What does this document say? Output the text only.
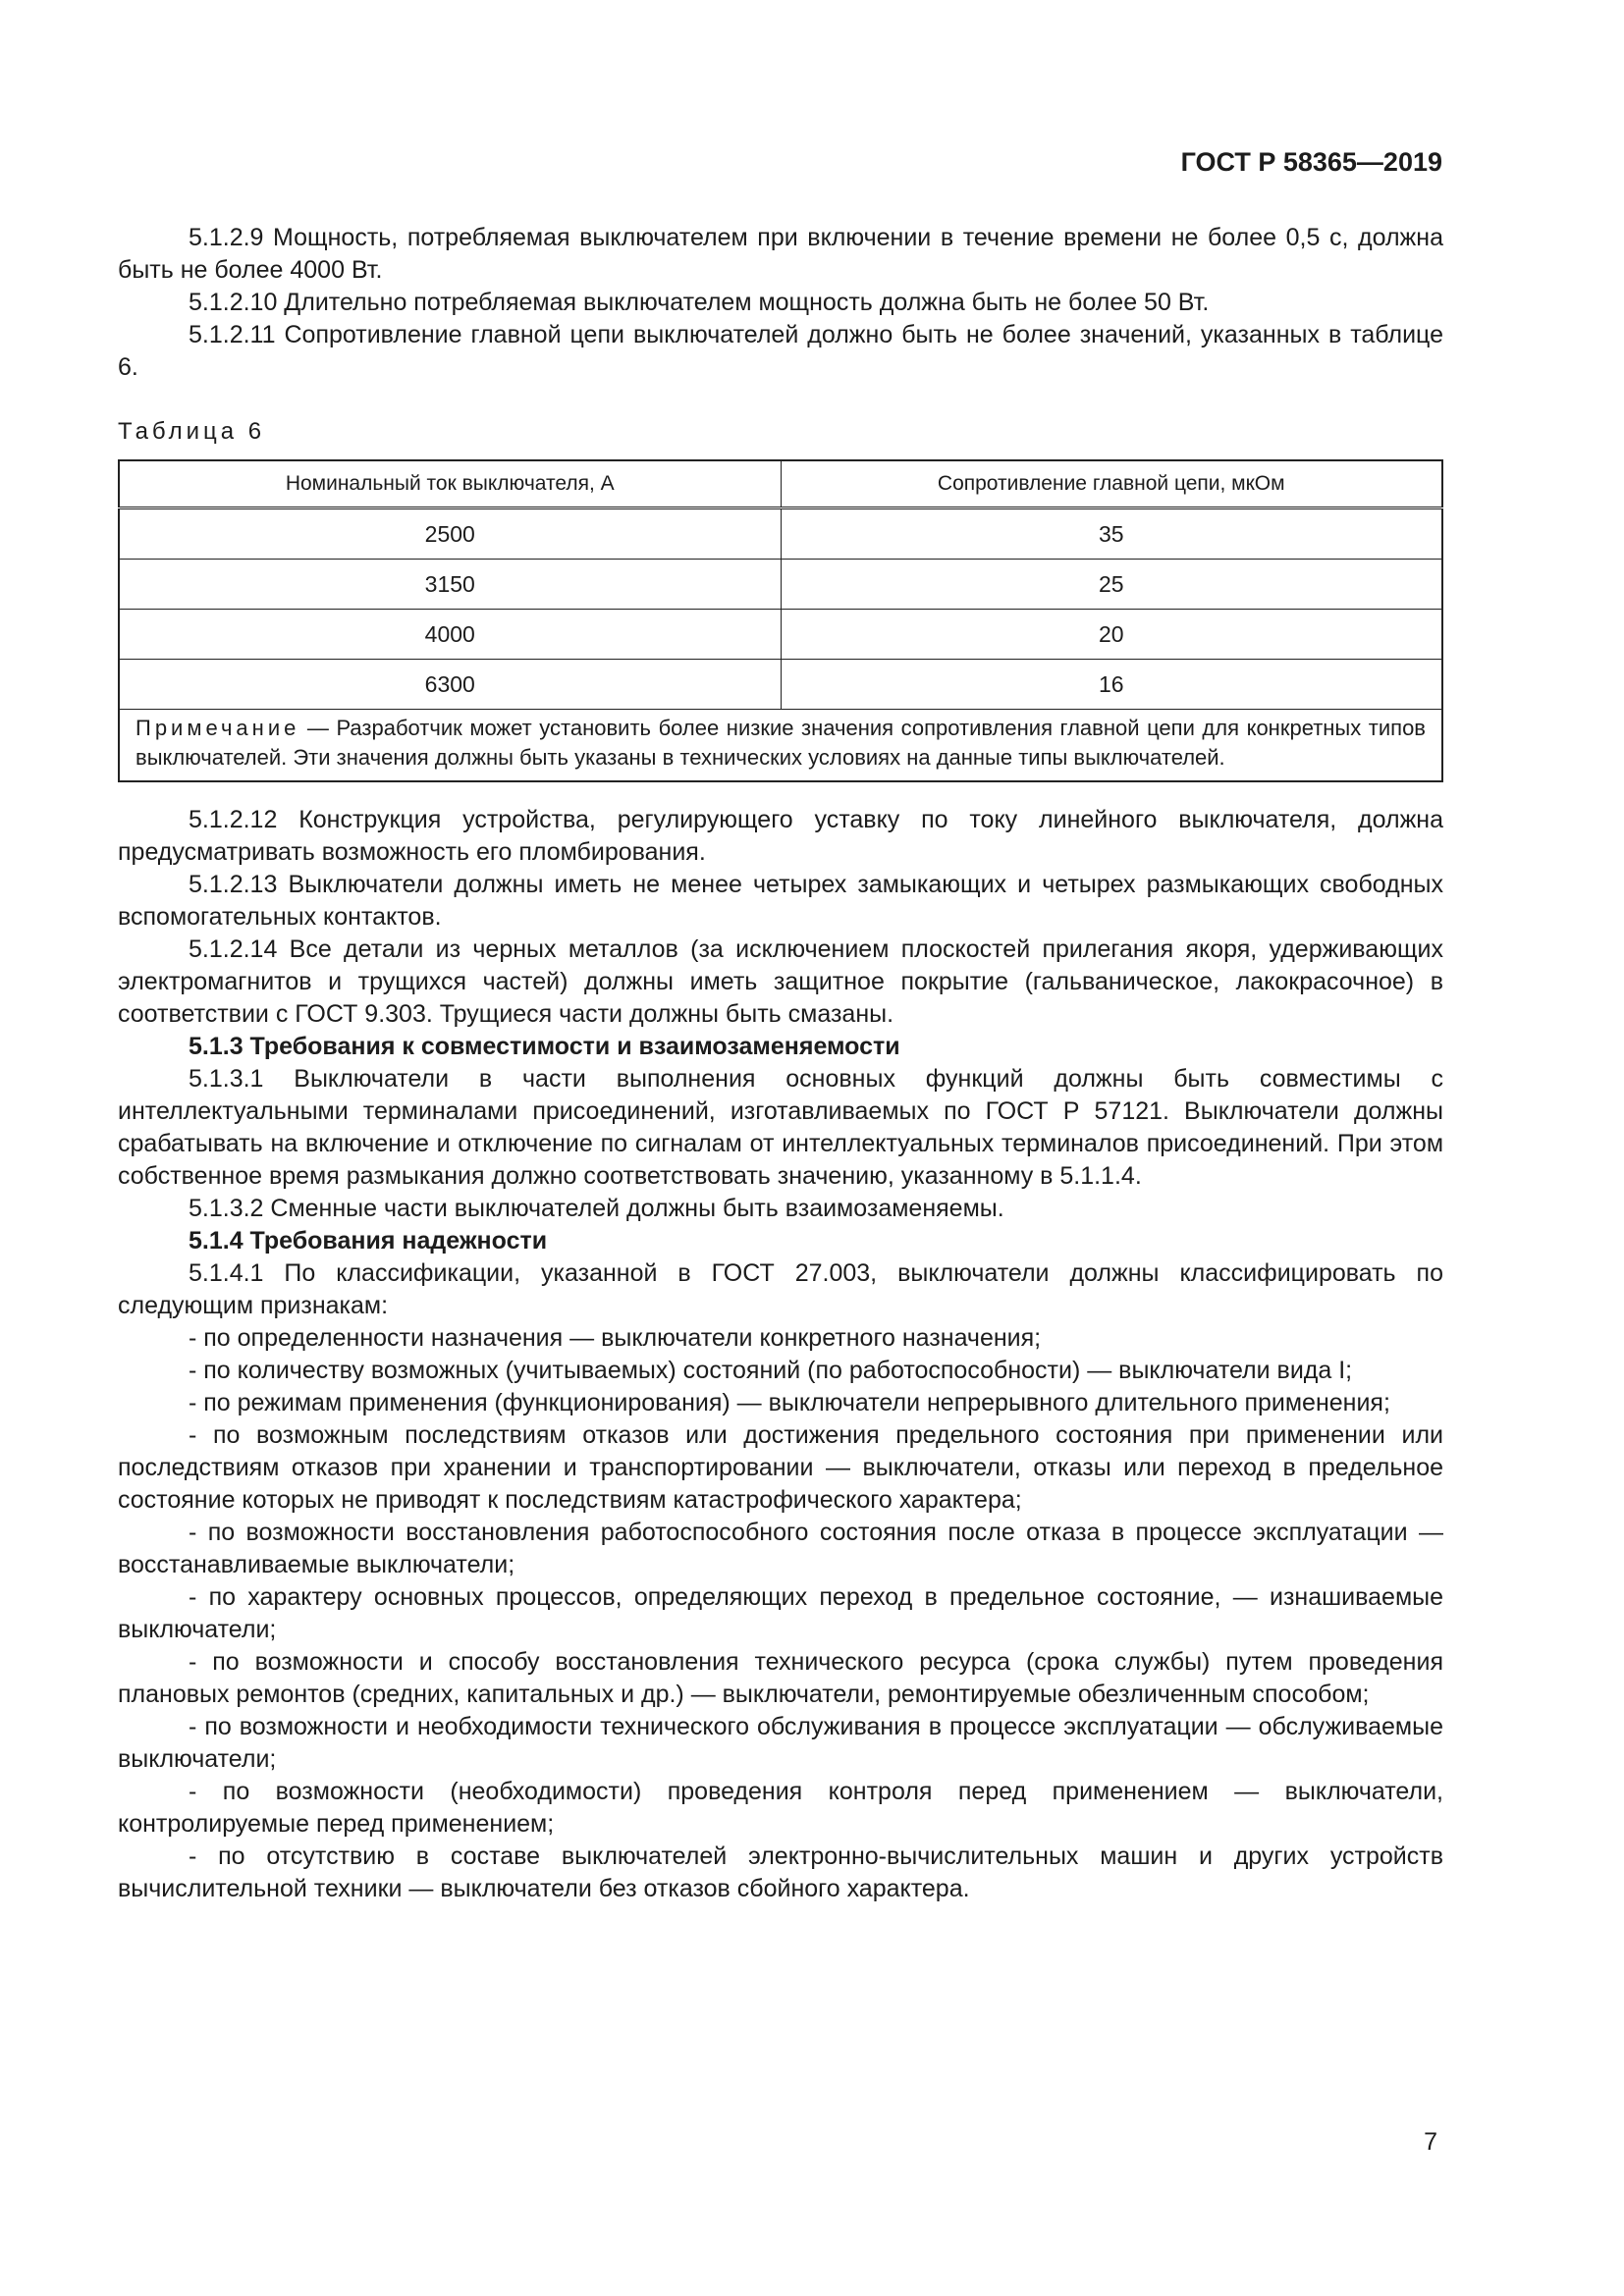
ГОСТ Р 58365—2019

5.1.2.9 Мощность, потребляемая выключателем при включении в течение времени не более 0,5 с, должна быть не более 4000 Вт.

5.1.2.10 Длительно потребляемая выключателем мощность должна быть не более 50 Вт.

5.1.2.11 Сопротивление главной цепи выключателей должно быть не более значений, указанных в таблице 6.

Таблица 6
Номинальный ток выключателя, А	Сопротивление главной цепи, мкОм
2500	35
3150	25
4000	20
6300	16
Примечание — Разработчик может установить более низкие значения сопротивления главной цепи для конкретных типов выключателей. Эти значения должны быть указаны в технических условиях на данные типы выключателей.	

5.1.2.12 Конструкция устройства, регулирующего уставку по току линейного выключателя, должна предусматривать возможность его пломбирования.

5.1.2.13 Выключатели должны иметь не менее четырех замыкающих и четырех размыкающих свободных вспомогательных контактов.

5.1.2.14 Все детали из черных металлов (за исключением плоскостей прилегания якоря, удерживающих электромагнитов и трущихся частей) должны иметь защитное покрытие (гальваническое, лакокрасочное) в соответствии с ГОСТ 9.303. Трущиеся части должны быть смазаны.

5.1.3 Требования к совместимости и взаимозаменяемости

5.1.3.1 Выключатели в части выполнения основных функций должны быть совместимы с интеллектуальными терминалами присоединений, изготавливаемых по ГОСТ Р 57121. Выключатели должны срабатывать на включение и отключение по сигналам от интеллектуальных терминалов присоединений. При этом собственное время размыкания должно соответствовать значению, указанному в 5.1.1.4.

5.1.3.2 Сменные части выключателей должны быть взаимозаменяемы.

5.1.4 Требования надежности

5.1.4.1 По классификации, указанной в ГОСТ 27.003, выключатели должны классифицировать по следующим признакам:

- по определенности назначения — выключатели конкретного назначения;

- по количеству возможных (учитываемых) состояний (по работоспособности) — выключатели вида I;

- по режимам применения (функционирования) — выключатели непрерывного длительного применения;

- по возможным последствиям отказов или достижения предельного состояния при применении или последствиям отказов при хранении и транспортировании — выключатели, отказы или переход в предельное состояние которых не приводят к последствиям катастрофического характера;

- по возможности восстановления работоспособного состояния после отказа в процессе эксплуатации — восстанавливаемые выключатели;

- по характеру основных процессов, определяющих переход в предельное состояние, — изнашиваемые выключатели;

- по возможности и способу восстановления технического ресурса (срока службы) путем проведения плановых ремонтов (средних, капитальных и др.) — выключатели, ремонтируемые обезличенным способом;

- по возможности и необходимости технического обслуживания в процессе эксплуатации — обслуживаемые выключатели;

- по возможности (необходимости) проведения контроля перед применением — выключатели, контролируемые перед применением;

- по отсутствию в составе выключателей электронно-вычислительных машин и других устройств вычислительной техники — выключатели без отказов сбойного характера.

7
